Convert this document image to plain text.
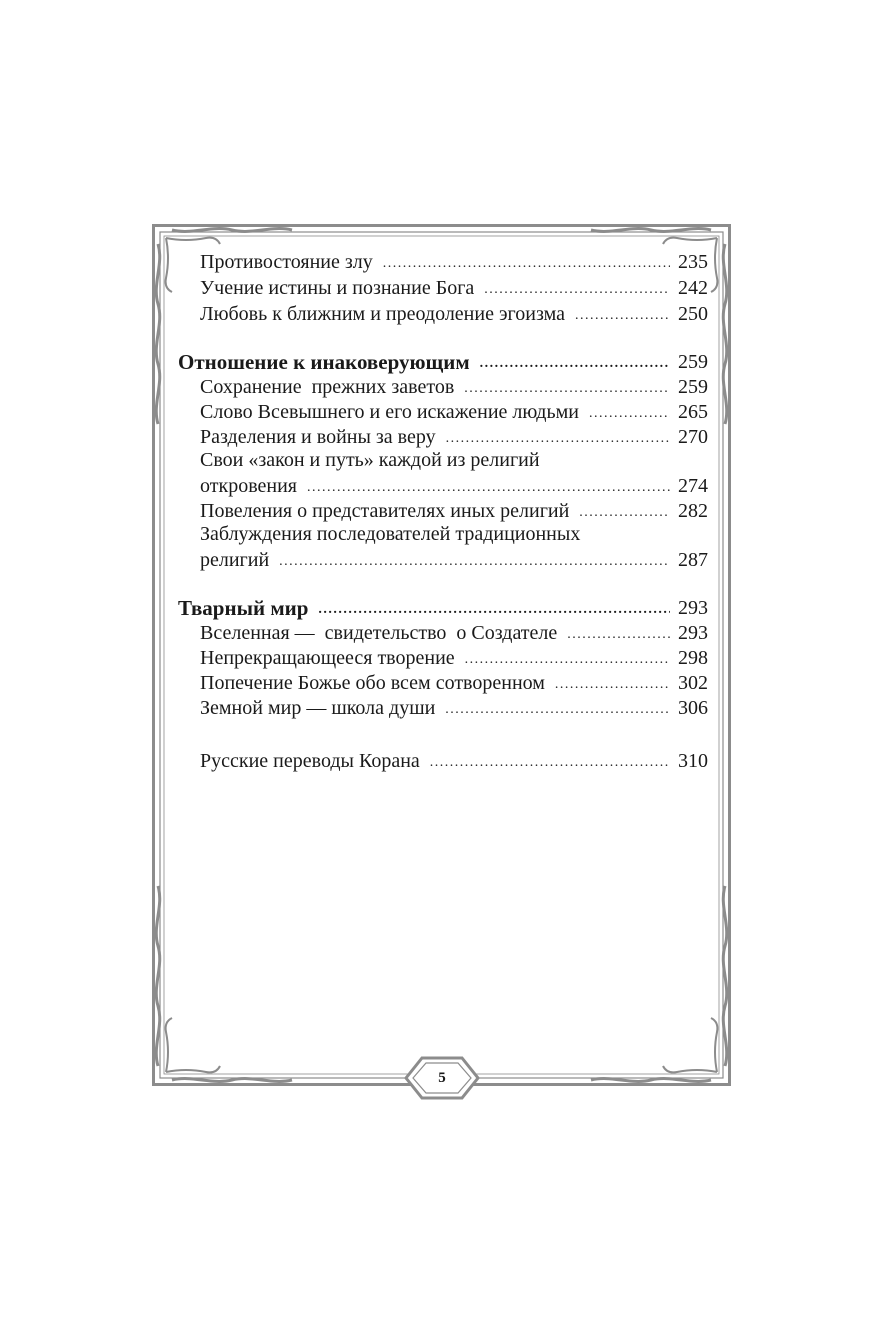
Противостояние злу .....	235
Учение истины и познание Бога .....	242
Любовь к ближним и преодоление эгоизма .....	250
Отношение к инаковерующим .....	259
Сохранение  прежних заветов .....	259
Слово Всевышнего и его искажение людьми .....	265
Разделения и войны за веру .....	270
Свои «закон и путь» каждой из религий
откровения .....	274
Повеления о представителях иных религий .....	282
Заблуждения последователей традиционных
религий .....	287
Тварный мир .....	293
Вселенная —  свидетельство  о Создателе .....	293
Непрекращающееся творение .....	298
Попечение Божье обо всем сотворенном .....	302
Земной мир — школа души .....	306
Русские переводы Корана .....	310
5
